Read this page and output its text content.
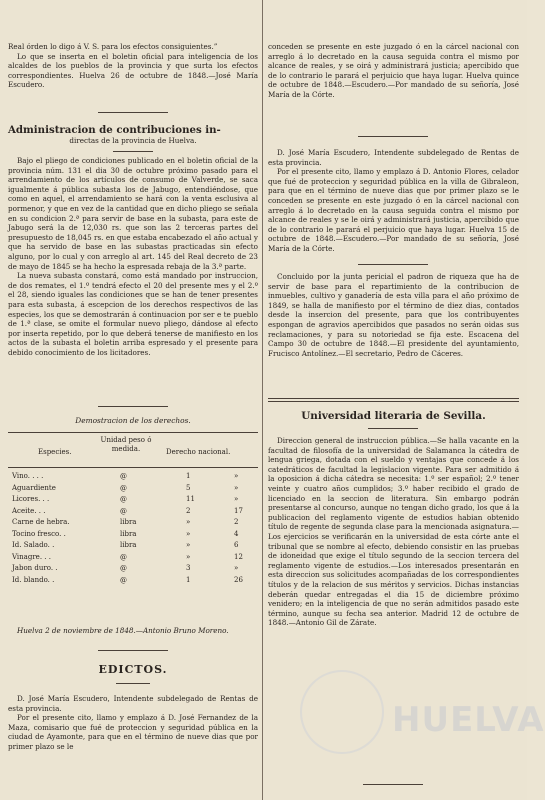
Real órden lo digo á V. S. para los efectos consiguientes.”

Lo que se inserta en el boletin oficial para inteligencia de los alcaldes de los pueblos de la provincia y que surta los efectos correspondientes. Huelva 26 de octubre de 1848.—José María Escudero.

Administracion de contribuciones in-
directas de la provincia de Huelva.

Bajo el pliego de condiciones publicado en el boletin oficial de la provincia núm. 131 el dia 30 de octubre próximo pasado para el arrendamiento de los artículos de consumo de Valverde, se saca igualmente á pública subasta los de Jabugo, entendiéndose, que como en aquel, el arrendamiento se hará con la venta esclusiva al pormenor, y que en vez de la cantidad que en dicho pliego se señala en su condicion 2.ª para servir de base en la subasta, para este de Jabugo será la de 12,030 rs. que son las 2 terceras partes del presupuesto de 18,045 rs. en que estaba encabezado el año actual y que ha servido de base en las subastas practicadas sin efecto alguno, por lo cual y con arreglo al art. 145 del Real decreto de 23 de mayo de 1845 se ha hecho la espresada rebaja de la 3.ª parte.

La nueva subasta constará, como está mandado por instruccion, de dos remates, el 1.º tendrá efecto el 20 del presente mes y el 2.º el 28, siendo iguales las condiciones que se han de tener presentes para esta subasta, á escepcion de los derechos respectivos de las especies, los que se demostrarán á continuacion por ser e te pueblo de 1.ª clase, se omite el formular nuevo pliego, dándose al efecto por inserta repetido, por lo que deberá tenerse de manifiesto en los actos de la subasta el boletin arriba espresado y el presente para debido conocimiento de los licitadores.

Demostracion de los derechos.
Especies.
Unidad peso ó medida.	Derecho nacional.
Vino. . . .	@	1	»
Aguardiente	@	5	»
Licores. . .	@	11	»
Aceite. . .	@	2	17
Carne de hebra.	libra	»	2
Tocino fresco. .	libra	»	4
Id. Salado. .	libra	»	6
Vinagre. . .	@	»	12
Jabon duro. .	@	3	»
Id. blando. .	@	1	26

Huelva 2 de noviembre de 1848.—Antonio Bruno Moreno.

EDICTOS.

D. José María Escudero, Intendente subdelegado de Rentas de esta provincia.

Por el presente cito, llamo y emplazo á D. José Fernandez de la Maza, comisario que fué de proteccion y seguridad pública en la ciudad de Ayamonte, para que en el término de nueve dias que por primer plazo se le

conceden se presente en este juzgado ó en la cárcel nacional con arreglo á lo decretado en la causa seguida contra el mismo por alcance de reales, y se oirá y administrará justicia; apercibido que de lo contrario le parará el perjuicio que haya lugar. Huelva quince de octubre de 1848.—Escudero.—Por mandado de su señoría, José María de la Córte.

D. José María Escudero, Intendente subdelegado de Rentas de esta provincia.

Por el presente cito, llamo y emplazo á D. Antonio Flores, celador que fué de proteccion y seguridad pública en la villa de Gibraleon, para que en el término de nueve dias que por primer plazo se le conceden se presente en este juzgado ó en la cárcel nacional con arreglo á lo decretado en la causa seguida contra el mismo por alcance de reales y se le oirá y administrará justicia, apercibido que de lo contrario le parará el perjuicio que haya lugar. Huelva 15 de octubre de 1848.—Escudero.—Por mandado de su señoría, José María de la Córte.

Concluido por la junta pericial el padron de riqueza que ha de servir de base para el repartimiento de la contribucion de inmuebles, cultivo y ganadería de esta villa para el año próximo de 1849, se halla de manifiesto por el término de diez dias, contados desde la insercion del presente, para que los contribuyentes espongan de agravios apercibidos que pasados no serán oidas sus reclamaciones, y para su notoriedad se fija este. Escacena del Campo 30 de octubre de 1848.—El presidente del ayuntamiento, Frucisco Antolínez.—El secretario, Pedro de Cáceres.

Universidad literaria de Sevilla.

Direccion general de instruccion pública.—Se halla vacante en la facultad de filosofía de la universidad de Salamanca la cátedra de lengua griega, dotada con el sueldo y ventajas que concede á los catedráticos de facultad la legislacion vigente. Para ser admitido á la oposicion á dicha cátedra se necesita: 1.º ser español; 2.º tener veinte y cuatro años cumplidos; 3.º haber recibido el grado de licenciado en la seccion de literatura. Sin embargo podrán presentarse al concurso, aunque no tengan dicho grado, los que á la publicacion del reglamento vigente de estudios habian obtenido título de regente de segunda clase para la mencionada asignatura.—Los ejercicios se verificarán en la universidad de esta córte ante el tribunal que se nombre al efecto, debiendo consistir en las pruebas de idoneidad que exige el título segundo de la seccion tercera del reglamento vigente de estudios.—Los interesados presentarán en esta direccion sus solicitudes acompañadas de los correspondientes títulos y de la relacion de sus méritos y servicios. Dichas instancias deberán quedar entregadas el dia 15 de diciembre próximo venidero; en la inteligencia de que no serán admitidos pasado este término, aunque su fecha sea anterior. Madrid 12 de octubre de 1848.—Antonio Gil de Zárate.

HUELVA
